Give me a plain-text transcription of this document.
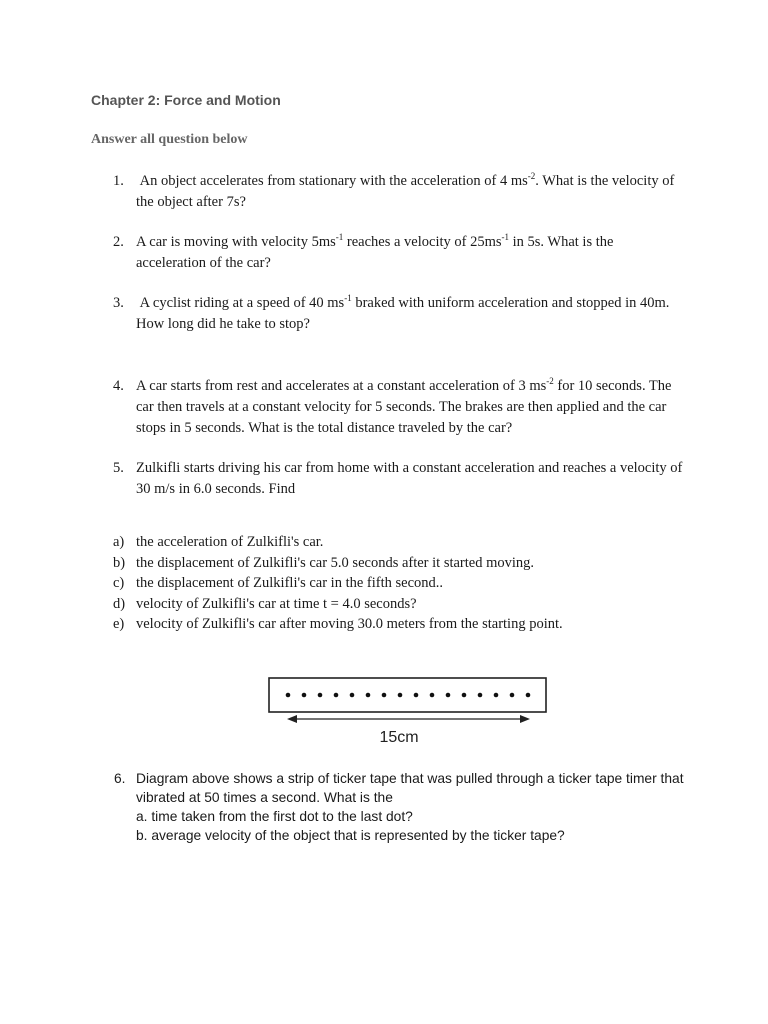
Chapter 2: Force and Motion
Answer all question below
1.	An object accelerates from stationary with the acceleration of 4 $ms^{-2}$. What is the velocity of the object after 7s?
2. A car is moving with velocity $5ms^{-1}$ reaches a velocity of $25ms^{-1}$ in 5s. What is the acceleration of the car?
3.	A cyclist riding at a speed of 40 $ms^{-1}$ braked with uniform acceleration and stopped in 40m. How long did he take to stop?
4. A car starts from rest and accelerates at a constant acceleration of 3 $ms^{-2}$ for 10 seconds. The car then travels at a constant velocity for 5 seconds. The brakes are then applied and the car stops in 5 seconds. What is the total distance traveled by the car?
5. Zulkifli starts driving his car from home with a constant acceleration and reaches a velocity of 30 m/s in 6.0 seconds. Find
a) the acceleration of Zulkifli's car.
b) the displacement of Zulkifli's car 5.0 seconds after it started moving.
c) the displacement of Zulkifli's car in the fifth second..
d) velocity of Zulkifli's car at time t = 4.0 seconds?
e) velocity of Zulkifli's car after moving 30.0 meters from the starting point.
15cm
6. Diagram above shows a strip of ticker tape that was pulled through a ticker tape timer that vibrated at 50 times a second. What is the
a. time taken from the first dot to the last dot?
b. average velocity of the object that is represented by the ticker tape?
